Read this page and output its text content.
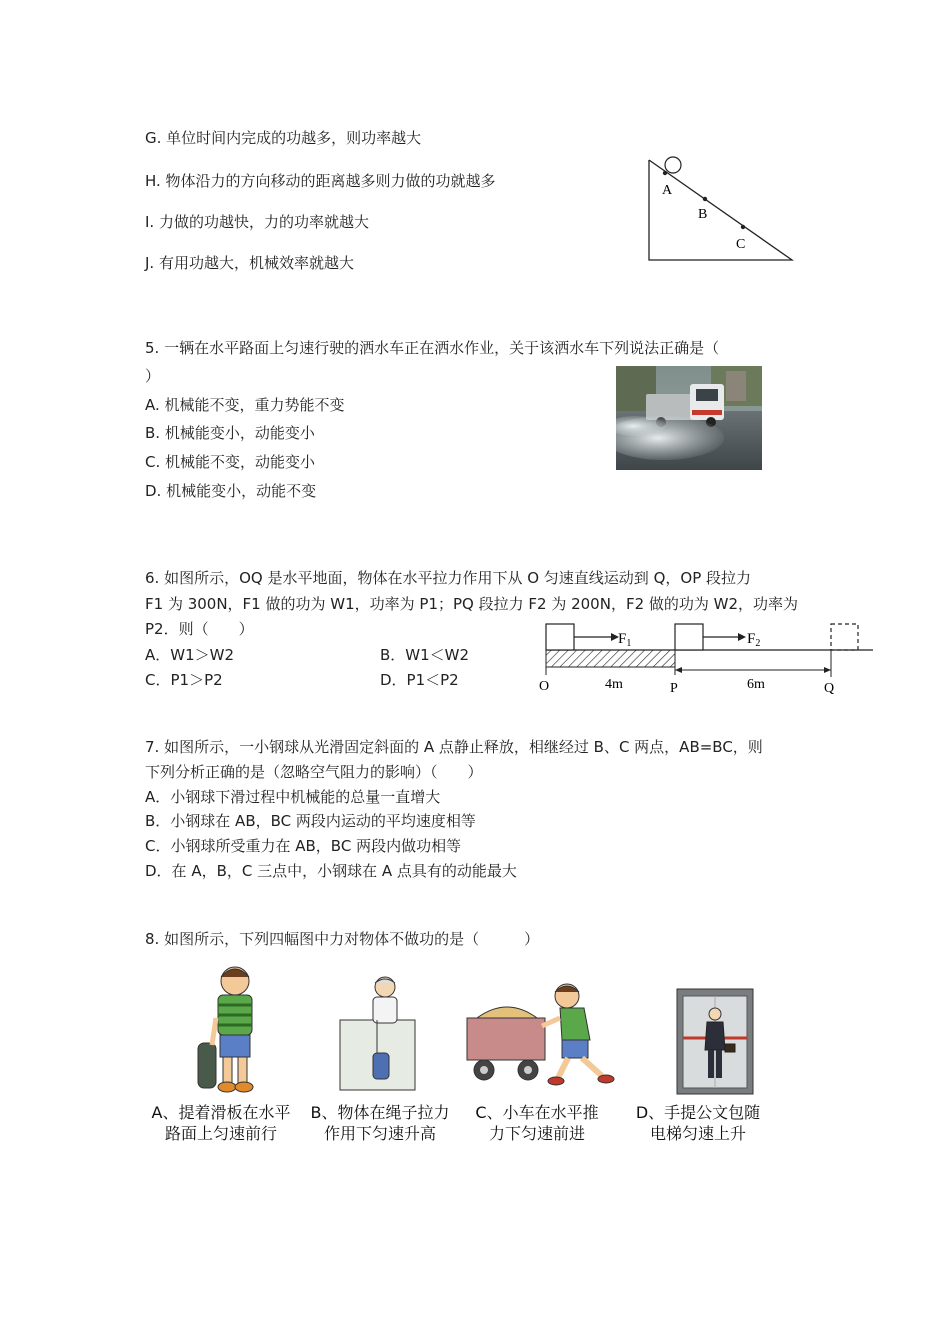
G. 单位时间内完成的功越多，则功率越大
H. 物体沿力的方向移动的距离越多则力做的功就越多
I. 力做的功越快，力的功率就越大
J. 有用功越大，机械效率就越大
A
B
C
5. 一辆在水平路面上匀速行驶的洒水车正在洒水作业，关于该洒水车下列说法正确是（
）
A. 机械能不变，重力势能不变
B. 机械能变小，动能变小
C. 机械能不变，动能变小
D. 机械能变小，动能不变
6. 如图所示，OQ 是水平地面，物体在水平拉力作用下从 O 匀速直线运动到 Q，OP 段拉力
F1 为 300N，F1 做的功为 W1，功率为 P1；PQ 段拉力 F2 为 200N，F2 做的功为 W2，功率为
P2．则（　　）
A．W1＞W2	B．W1＜W2
C．P1＞P2	D．P1＜P2
$F_1$	$F_2$
O	4m	P	6m	Q
7. 如图所示，一小钢球从光滑固定斜面的 A 点静止释放，相继经过 B、C 两点，AB=BC，则
下列分析正确的是（忽略空气阻力的影响）（　　）
A．小钢球下滑过程中机械能的总量一直增大
B．小钢球在 AB，BC 两段内运动的平均速度相等
C．小钢球所受重力在 AB，BC 两段内做功相等
D．在 A，B，C 三点中，小钢球在 A 点具有的动能最大
8. 如图所示，下列四幅图中力对物体不做功的是（　　　）
A、提着滑板在水平
路面上匀速前行
B、物体在绳子拉力
作用下匀速升高
C、小车在水平推
力下匀速前进
D、手提公文包随
电梯匀速上升
